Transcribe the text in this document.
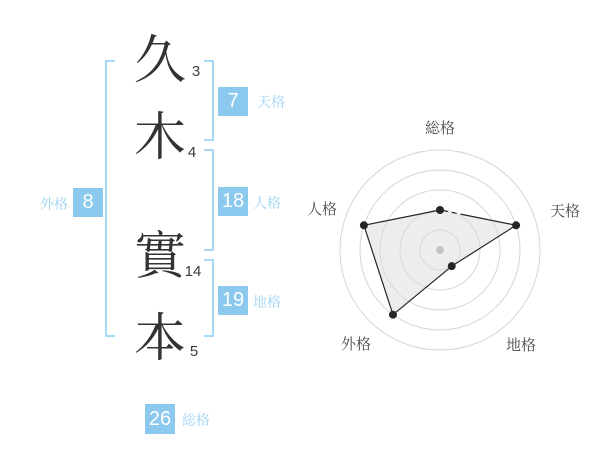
久
木
實
本
3
4
14
5
外格 8
7	天格
18 人格
19 地格
26 総格
総格
天格
地格
外格
人格
